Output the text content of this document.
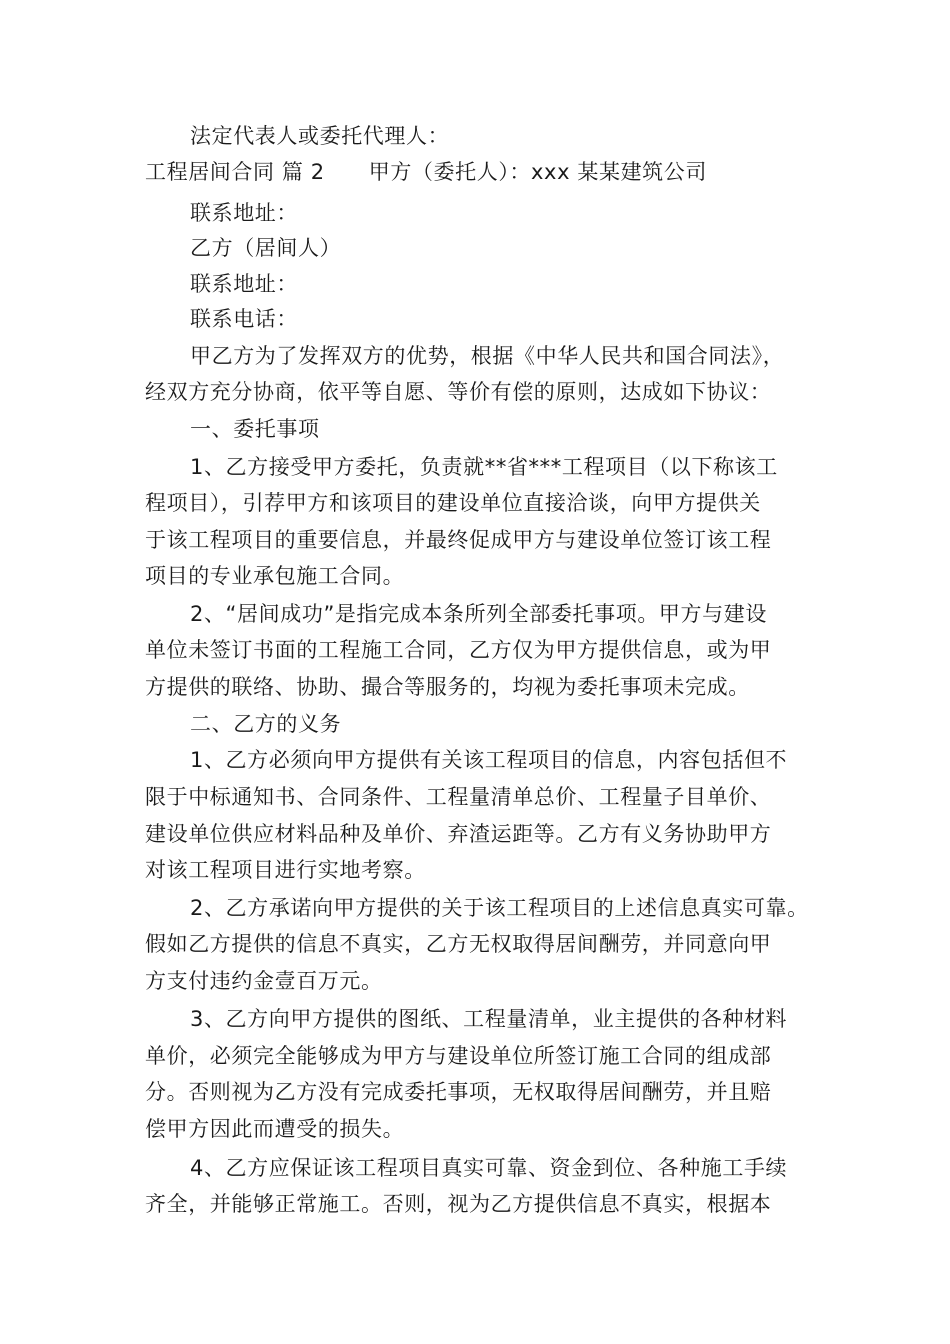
法定代表人或委托代理人：
工程居间合同 篇 2 甲方（委托人）：xxx 某某建筑公司
联系地址：
乙方（居间人）
联系地址：
联系电话：
甲乙方为了发挥双方的优势，根据《中华人民共和国合同法》，
经双方充分协商，依平等自愿、等价有偿的原则，达成如下协议：
一、委托事项
1、乙方接受甲方委托，负责就**省***工程项目（以下称该工
程项目），引荐甲方和该项目的建设单位直接洽谈，向甲方提供关
于该工程项目的重要信息，并最终促成甲方与建设单位签订该工程
项目的专业承包施工合同。
2、“居间成功”是指完成本条所列全部委托事项。甲方与建设
单位未签订书面的工程施工合同，乙方仅为甲方提供信息，或为甲
方提供的联络、协助、撮合等服务的，均视为委托事项未完成。
二、乙方的义务
1、乙方必须向甲方提供有关该工程项目的信息，内容包括但不
限于中标通知书、合同条件、工程量清单总价、工程量子目单价、
建设单位供应材料品种及单价、弃渣运距等。乙方有义务协助甲方
对该工程项目进行实地考察。
2、乙方承诺向甲方提供的关于该工程项目的上述信息真实可靠。
假如乙方提供的信息不真实，乙方无权取得居间酬劳，并同意向甲
方支付违约金壹百万元。
3、乙方向甲方提供的图纸、工程量清单，业主提供的各种材料
单价，必须完全能够成为甲方与建设单位所签订施工合同的组成部
分。否则视为乙方没有完成委托事项，无权取得居间酬劳，并且赔
偿甲方因此而遭受的损失。
4、乙方应保证该工程项目真实可靠、资金到位、各种施工手续
齐全，并能够正常施工。否则，视为乙方提供信息不真实，根据本
